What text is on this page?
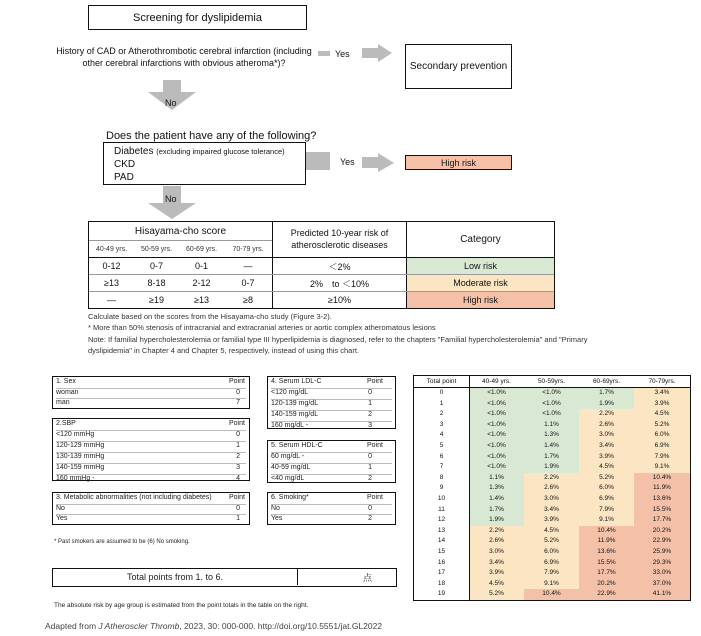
Screening for dyslipidemia
History of CAD or Atherothrombotic cerebral infarction (including other cerebral infarctions with obvious atheroma*)?
Yes
Secondary prevention
No
Does the patient have any of the following?
Diabetes (excluding impaired glucose tolerance)
CKD
PAD
Yes	High risk
No
Hisayama-cho score	Predicted 10-year risk of atherosclerotic diseases
Category
40-49 yrs.	50-59 yrs.	60-69 yrs.	70-79 yrs.
0-12	0-7	0-1	—	＜2%	Low risk
≥13	8-18	2-12	0-7	2%　to ＜10%	Moderate risk
—	≥19	≥13	≥8	≥10%	High risk
Calculate based on the scores from the Hisayama-cho study (Figure 3-2).
* More than 50% stenosis of intracranial and extracranial arteries or aortic complex atheromatous lesions
Note: If familial hypercholesterolemia or familial type III hyperlipidemia is diagnosed, refer to the chapters "Familial hypercholesterolemia" and "Primary dyslipidemia" in Chapter 4 and Chapter 5, respectively, instead of using this chart.
1. Sex	Point
woman	0
man	7
2.SBP	Point
<120 mmHg	0
120-129 mmHg	1
130-139 mmHg	2
140-159 mmHg	3
160 mmHg -	4
3. Metabolic abnormalities (not including diabetes) Point
No	0
Yes	1
4. Serum LDL-C	Point
<120 mg/dL	0
120-139 mg/dL	1
140-159 mg/dL	2
160 mg/dL -	3
5. Serum HDL-C	Point
60 mg/dL -	0
40-59 mg/dL	1
<40 mg/dL	2
6. Smoking*	Point
No	0
Yes	2
* Past smokers are assumed to be (6) No smoking.
Total points from 1. to 6.	点
The absolute risk by age group is estimated from the point totals in the table on the right.
Total point	40-49 yrs.	50-59yrs.	60-69yrs.	70-79yrs.
0	<1.0%	<1.0%	1.7%	3.4%
1	<1.0%	<1.0%	1.9%	3.9%
2	<1.0%	<1.0%	2.2%	4.5%
3	<1.0%	1.1%	2.6%	5.2%
4	<1.0%	1.3%	3.0%	6.0%
5	<1.0%	1.4%	3.4%	6.9%
6	<1.0%	1.7%	3.9%	7.9%
7	<1.0%	1.9%	4.5%	9.1%
8	1.1%	2.2%	5.2%	10.4%
9	1.3%	2.6%	6.0%	11.9%
10	1.4%	3.0%	6.9%	13.6%
11	1.7%	3.4%	7.9%	15.5%
12	1.9%	3.9%	9.1%	17.7%
13	2.2%	4.5%	10.4%	20.2%
14	2.6%	5.2%	11.9%	22.9%
15	3.0%	6.0%	13.6%	25.9%
16	3.4%	6.9%	15.5%	29.3%
17	3.9%	7.9%	17.7%	33.0%
18	4.5%	9.1%	20.2%	37.0%
19	5.2%	10.4%	22.9%	41.1%
Adapted from J Atheroscler Thromb, 2023, 30: 000-000. http://doi.org/10.5551/jat.GL2022
